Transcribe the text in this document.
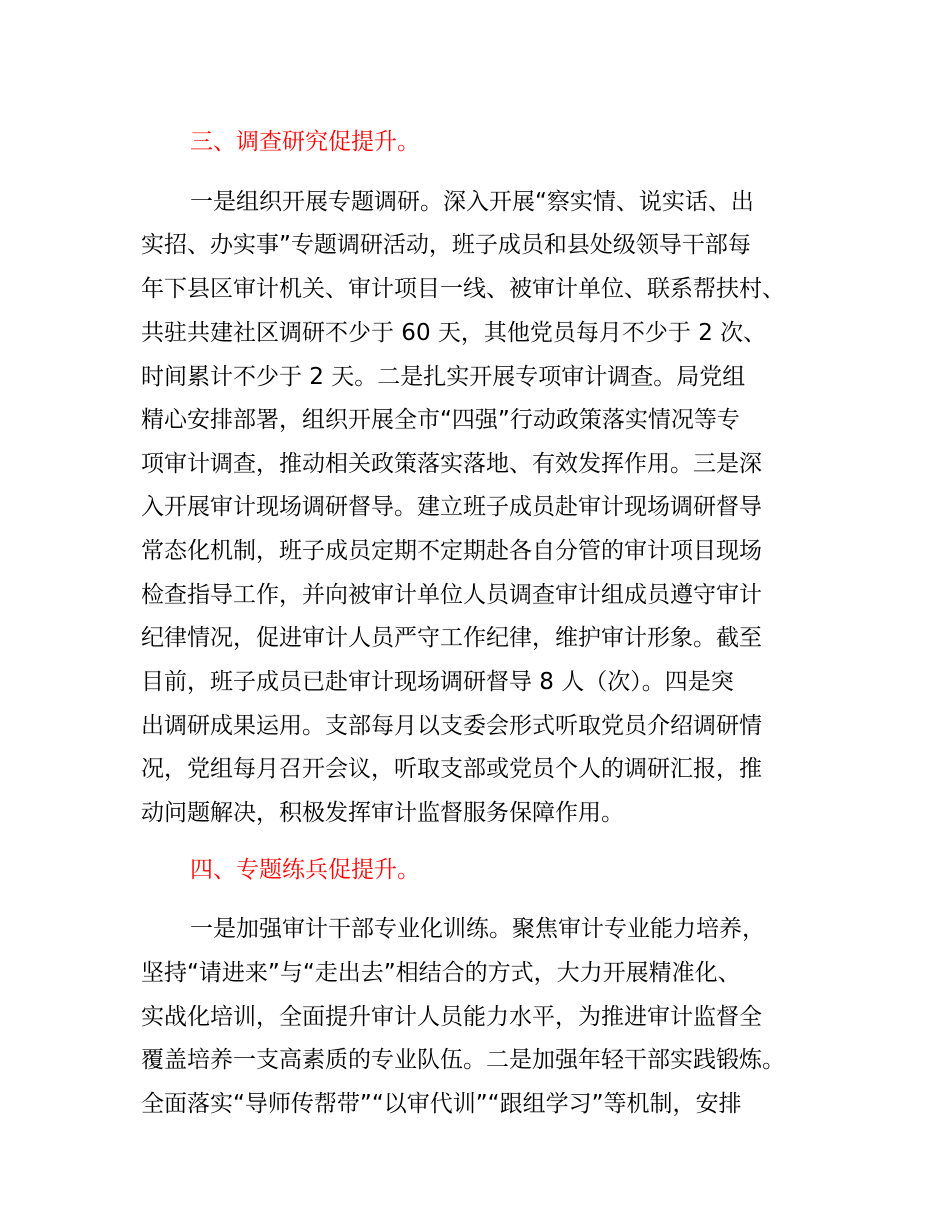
三、调查研究促提升。
一是组织开展专题调研。深入开展“察实情、说实话、出
实招、办实事”专题调研活动，班子成员和县处级领导干部每
年下县区审计机关、审计项目一线、被审计单位、联系帮扶村、
共驻共建社区调研不少于 60 天，其他党员每月不少于 2 次、
时间累计不少于 2 天。二是扎实开展专项审计调查。局党组
精心安排部署，组织开展全市“四强”行动政策落实情况等专
项审计调查，推动相关政策落实落地、有效发挥作用。三是深
入开展审计现场调研督导。建立班子成员赴审计现场调研督导
常态化机制，班子成员定期不定期赴各自分管的审计项目现场
检查指导工作，并向被审计单位人员调查审计组成员遵守审计
纪律情况，促进审计人员严守工作纪律，维护审计形象。截至
目前，班子成员已赴审计现场调研督导 8 人（次）。四是突
出调研成果运用。支部每月以支委会形式听取党员介绍调研情
况，党组每月召开会议，听取支部或党员个人的调研汇报，推
动问题解决，积极发挥审计监督服务保障作用。
四、专题练兵促提升。
一是加强审计干部专业化训练。聚焦审计专业能力培养，
坚持“请进来”与“走出去”相结合的方式，大力开展精准化、
实战化培训，全面提升审计人员能力水平，为推进审计监督全
覆盖培养一支高素质的专业队伍。二是加强年轻干部实践锻炼。
全面落实“导师传帮带”“以审代训”“跟组学习”等机制，安排
